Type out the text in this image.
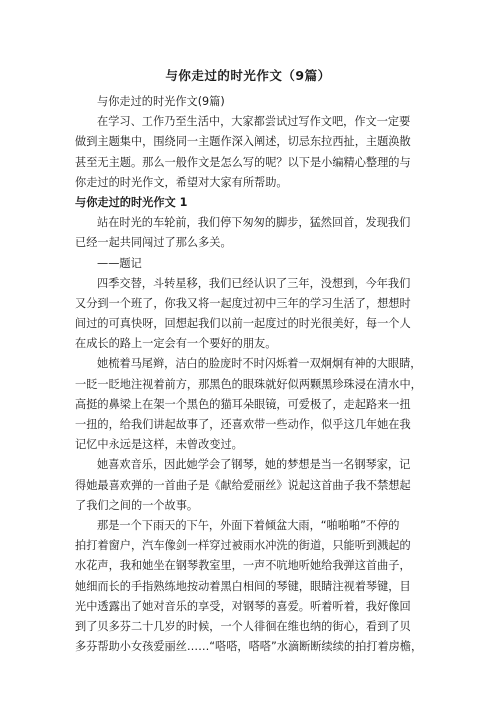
与你走过的时光作文（9篇）
与你走过的时光作文(9篇)
在学习、工作乃至生活中，大家都尝试过写作文吧，作文一定要
做到主题集中，围绕同一主题作深入阐述，切忌东拉西扯，主题涣散
甚至无主题。那么一般作文是怎么写的呢？以下是小编精心整理的与
你走过的时光作文，希望对大家有所帮助。
与你走过的时光作文 1
站在时光的车轮前，我们停下匆匆的脚步，猛然回首，发现我们
已经一起共同闯过了那么多关。
——题记
四季交替，斗转星移，我们已经认识了三年，没想到，今年我们
又分到一个班了，你我又将一起度过初中三年的学习生活了，想想时
间过的可真快呀，回想起我们以前一起度过的时光很美好，每一个人
在成长的路上一定会有一个要好的朋友。
她梳着马尾辫，洁白的脸庞时不时闪烁着一双炯炯有神的大眼睛，
一眨一眨地注视着前方，那黑色的眼珠就好似两颗黑珍珠浸在清水中，
高挺的鼻梁上在架一个黑色的猫耳朵眼镜，可爱极了，走起路来一扭
一扭的，给我们讲起故事了，还喜欢带一些动作，似乎这几年她在我
记忆中永远是这样，未曾改变过。
她喜欢音乐，因此她学会了钢琴，她的梦想是当一名钢琴家，记
得她最喜欢弹的一首曲子是《献给爱丽丝》说起这首曲子我不禁想起
了我们之间的一个故事。
那是一个下雨天的下午，外面下着倾盆大雨，“啪啪啪”不停的
拍打着窗户，汽车像剑一样穿过被雨水冲洗的街道，只能听到溅起的
水花声，我和她坐在钢琴教室里，一声不吭地听她给我弹这首曲子，
她细而长的手指熟练地按动着黑白相间的琴键，眼睛注视着琴键，目
光中透露出了她对音乐的享受，对钢琴的喜爱。听着听着，我好像回
到了贝多芬二十几岁的时候，一个人徘徊在维也纳的街心，看到了贝
多芬帮助小女孩爱丽丝……“嗒嗒，嗒嗒”水滴断断续续的拍打着房檐，
